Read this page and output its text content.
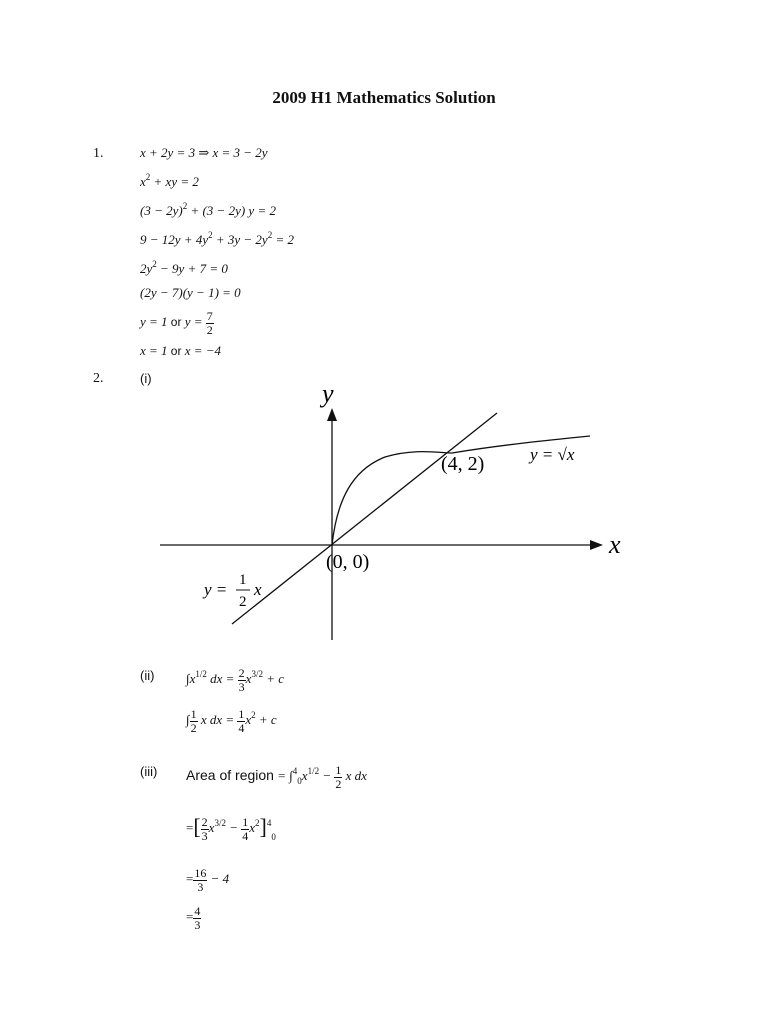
2009 H1 Mathematics Solution
1.	x + 2y = 3 ⇒ x = 3 − 2y
$x^2$ + xy = 2
$(3 - 2y)^2 + (3 - 2y)$ y = 2
$9 - 12y + 4y^2 + 3y - 2y^2 = 2$
$2y^2 - 9y + 7 = 0$
(2y − 7)(y − 1) = 0
y = 1 or $y = \frac{7}{2}$
x = 1 or x = −4
2.	(i)
y
x
(4, 2)
(0, 0)
y = √x
y = 1
2
x
(ii) $\int x^{1/2}$ dx = $\frac{2}{3} x^{3/2} + c$
∫ $\frac{1}{2}$ x dx = $\frac{1}{4} x^2 + c$
(iii) Area of region = $\int^4_0x^{1/2} - \frac{1}{2}$ x dx
=[ $\frac{2}{3} x^{3/2} - \frac{1}{4} x^2]^4_0$
= $\frac{16}{3} - 4$
= $\frac{4}{3}$
